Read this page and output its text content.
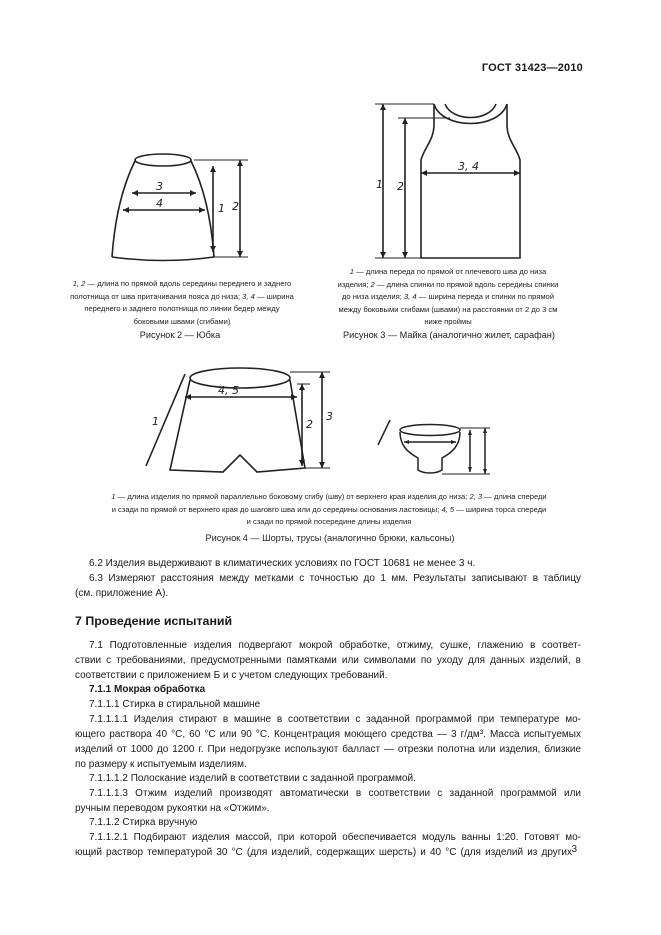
ГОСТ 31423—2010
3
4	1 2
3, 4
1 2
4, 5
1	2
3
1, 2 — длина по прямой вдоль середины переднего и заднего
полотнища от шва притачивания пояса до низа; 3, 4 — ширина
переднего и заднего полотнища по линии бедер между
боковыми швами (сгибами)
Рисунок 2 — Юбка
1 — длина переда по прямой от плечевого шва до низа
изделия; 2 — длина спинки по прямой вдоль середины спинки
до низа изделия; 3, 4 — ширина переда и спинки по прямой
между боковыми сгибами (швами) на расстоянии от 2 до 3 см
ниже проймы
Рисунок 3 — Майка (аналогично жилет, сарафан)
1 — длина изделия по прямой параллельно боковому сгибу (шву) от верхнего края изделия до низа; 2, 3 — длина спереди
и сзади по прямой от верхнего края до шаговго шва или до середины основания ластовицы; 4, 5 — ширина торса спереди
и сзади по прямой посередине длины изделия
Рисунок 4 — Шорты, трусы (аналогично брюки, кальсоны)
6.2 Изделия выдерживают в климатических условиях по ГОСТ 10681 не менее 3 ч.
6.3 Измеряют расстояния между метками с точностью до 1 мм. Результаты записывают в таблицу
(см. приложение А).
7 Проведение испытаний
7.1 Подготовленные изделия подвергают мокрой обработке, отжиму, сушке, глажению в соответ-
ствии с требованиями, предусмотренными памятками или символами по уходу для данных изделий, в
соответствии с приложением Б и с учетом следующих требований.
7.1.1 Мокрая обработка
7.1.1.1 Стирка в стиральной машине
7.1.1.1.1 Изделия стирают в машине в соответствии с заданной программой при температуре мо-
ющего раствора 40 °С, 60 °С или 90 °С. Концентрация моющего средства — 3 г/дм³. Масса испытуемых
изделий от 1000 до 1200 г. При недогрузке используют балласт — отрезки полотна или изделия, близкие
по размеру к испытуемым изделиям.
7.1.1.1.2 Полоскание изделий в соответствии с заданной программой.
7.1.1.1.3 Отжим изделий производят автоматически в соответствии с заданной программой или
ручным переводом рукоятки на «Отжим».
7.1.1.2 Стирка вручную
7.1.1.2.1 Подбирают изделия массой, при которой обеспечивается модуль ванны 1:20. Готовят мо-
ющий раствор температурой 30 °С (для изделий, содержащих шерсть) и 40 °С (для изделий из других 3
